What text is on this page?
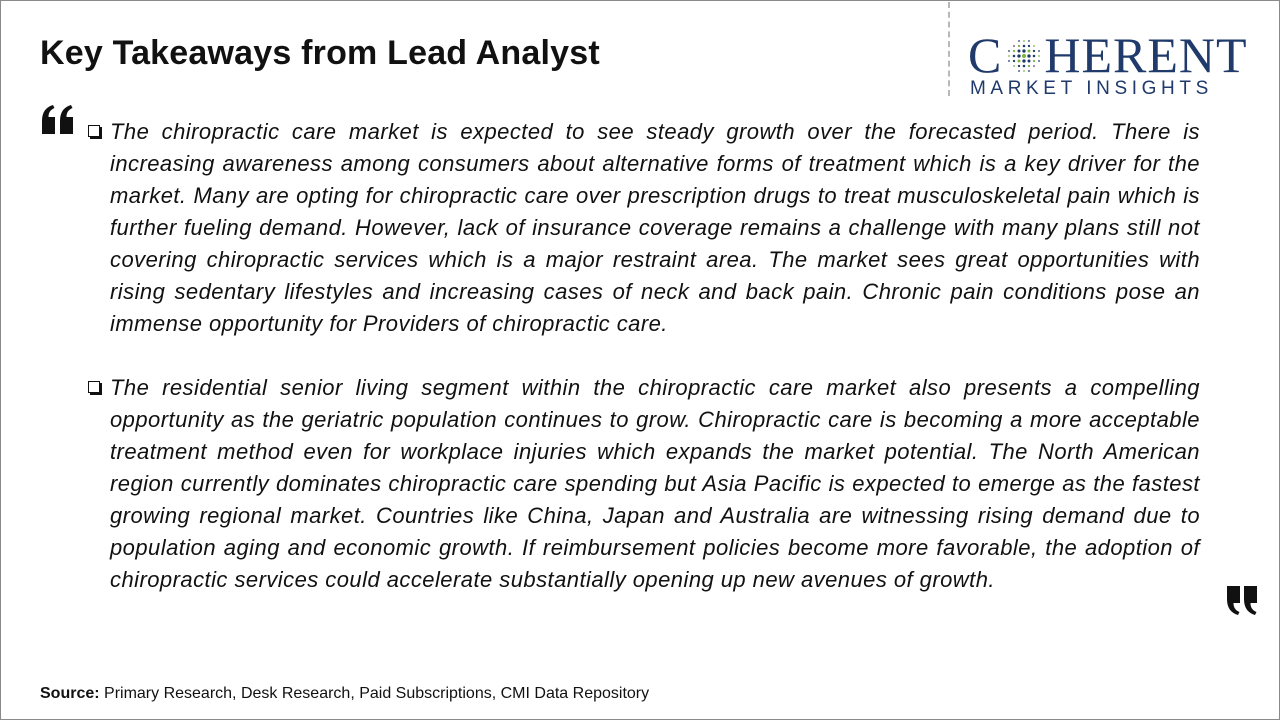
Key Takeaways from Lead Analyst	C HERENT
MARKET INSIGHTS

The chiropractic care market is expected to see steady growth over the forecasted period. There is increasing awareness among consumers about alternative forms of treatment which is a key driver for the market. Many are opting for chiropractic care over prescription drugs to treat musculoskeletal pain which is further fueling demand. However, lack of insurance coverage remains a challenge with many plans still not covering chiropractic services which is a major restraint area. The market sees great opportunities with rising sedentary lifestyles and increasing cases of neck and back pain. Chronic pain conditions pose an immense opportunity for Providers of chiropractic care.

The residential senior living segment within the chiropractic care market also presents a compelling opportunity as the geriatric population continues to grow. Chiropractic care is becoming a more acceptable treatment method even for workplace injuries which expands the market potential. The North American region currently dominates chiropractic care spending but Asia Pacific is expected to emerge as the fastest growing regional market. Countries like China, Japan and Australia are witnessing rising demand due to population aging and economic growth. If reimbursement policies become more favorable, the adoption of chiropractic services could accelerate substantially opening up new avenues of growth.

Source: Primary Research, Desk Research, Paid Subscriptions, CMI Data Repository
